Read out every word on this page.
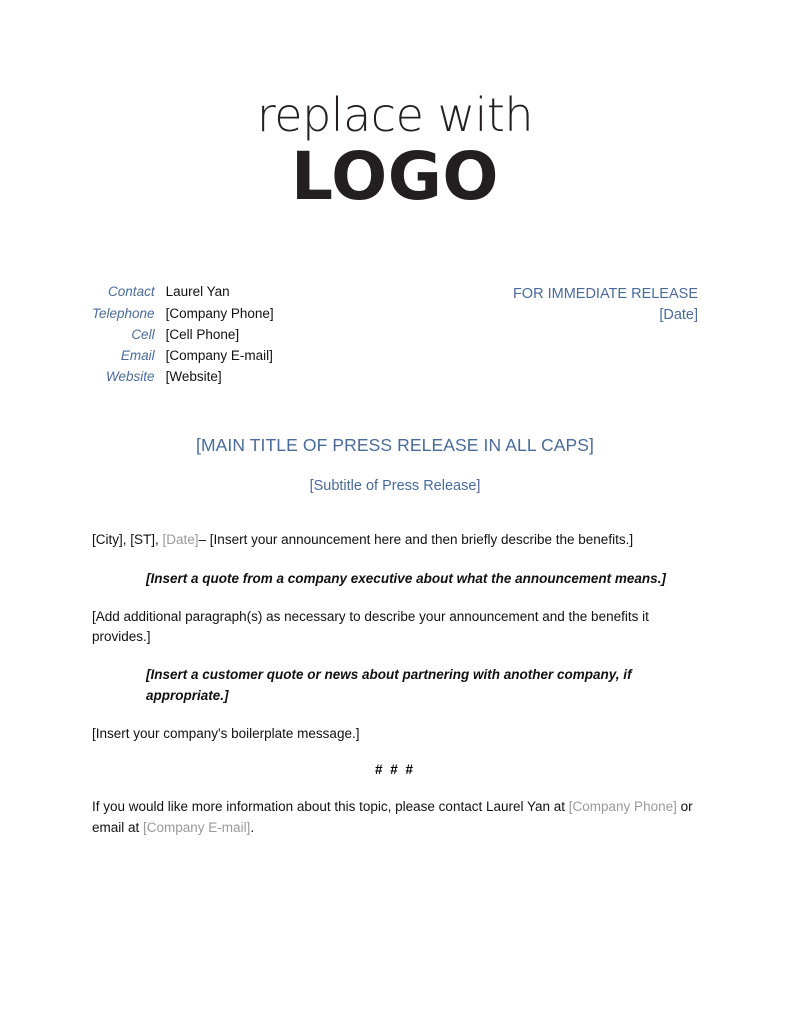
replace with
LOGO
Contact	Laurel Yan
Telephone	[Company Phone]
Cell	[Cell Phone]
Email	[Company E-mail]
Website	[Website]
FOR IMMEDIATE RELEASE
[Date]
[MAIN TITLE OF PRESS RELEASE IN ALL CAPS]
[Subtitle of Press Release]

[City], [ST], [Date]– [Insert your announcement here and then briefly describe the benefits.]

[Insert a quote from a company executive about what the announcement means.]

[Add additional paragraph(s) as necessary to describe your announcement and the benefits it provides.]

[Insert a customer quote or news about partnering with another company, if appropriate.]

[Insert your company's boilerplate message.]

# # #

If you would like more information about this topic, please contact Laurel Yan at [Company Phone] or email at [Company E-mail].
